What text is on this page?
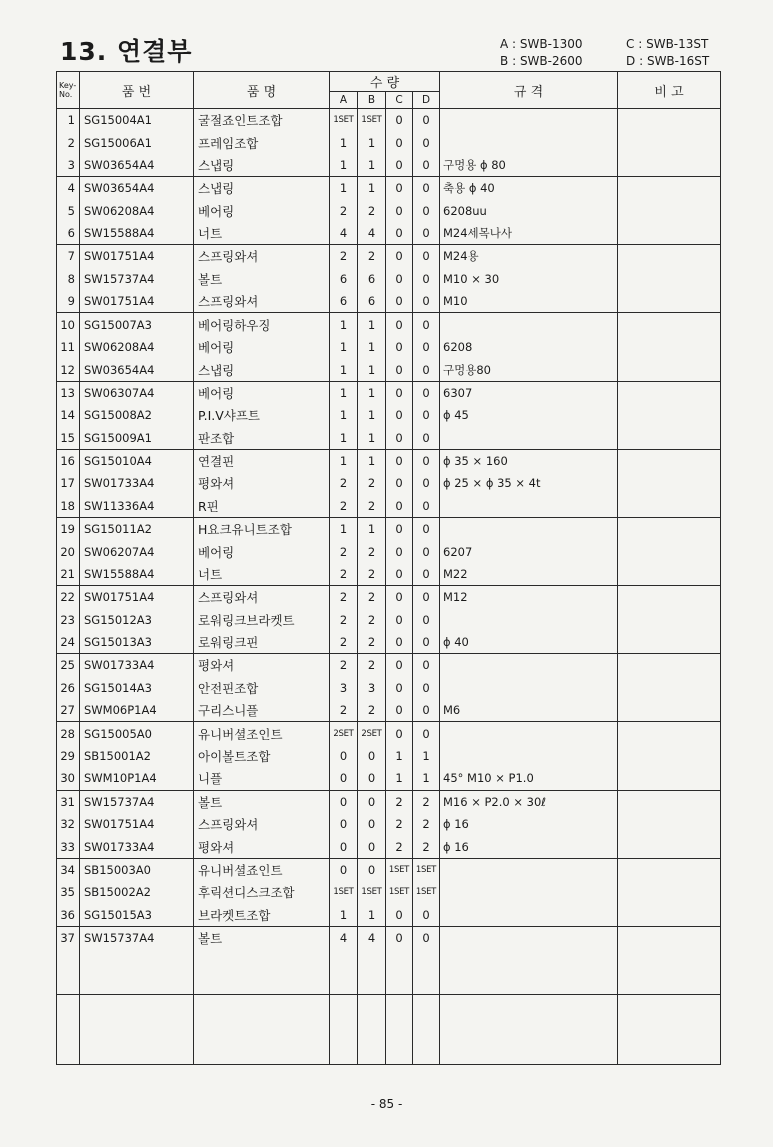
13. 연결부	A : SWB-1300	C : SWB-13ST
B : SWB-2600	D : SWB-16ST
Key-
No.	품 번	품 명	수 량				규 격	비 고
			A	B	C	D		
1	SG15004A1	굴절죠인트조합	1SET	1SET	0	0		
2	SG15006A1	프레임조합	1	1	0	0		
3	SW03654A4	스냅링	1	1	0	0	구멍용 ϕ 80	
4	SW03654A4	스냅링	1	1	0	0	축용 ϕ 40	
5	SW06208A4	베어링	2	2	0	0	6208uu	
6	SW15588A4	너트	4	4	0	0	M24세목나사	
7	SW01751A4	스프링와셔	2	2	0	0	M24용	
8	SW15737A4	볼트	6	6	0	0	M10 × 30	
9	SW01751A4	스프링와셔	6	6	0	0	M10	
10	SG15007A3	베어링하우징	1	1	0	0		
11	SW06208A4	베어링	1	1	0	0	6208	
12	SW03654A4	스냅링	1	1	0	0	구멍용80	
13	SW06307A4	베어링	1	1	0	0	6307	
14	SG15008A2	P.I.V샤프트	1	1	0	0	ϕ 45	
15	SG15009A1	판조합	1	1	0	0		
16	SG15010A4	연결핀	1	1	0	0	ϕ 35 × 160	
17	SW01733A4	평와셔	2	2	0	0	ϕ 25 × ϕ 35 × 4t	
18	SW11336A4	R핀	2	2	0	0		
19	SG15011A2	H요크유니트조합	1	1	0	0		
20	SW06207A4	베어링	2	2	0	0	6207	
21	SW15588A4	너트	2	2	0	0	M22	
22	SW01751A4	스프링와셔	2	2	0	0	M12	
23	SG15012A3	로워링크브라켓트	2	2	0	0		
24	SG15013A3	로워링크핀	2	2	0	0	ϕ 40	
25	SW01733A4	평와셔	2	2	0	0		
26	SG15014A3	안전핀조합	3	3	0	0		
27	SWM06P1A4	구리스니플	2	2	0	0	M6	
28	SG15005A0	유니버셜조인트	2SET	2SET	0	0		
29	SB15001A2	아이볼트조합	0	0	1	1		
30	SWM10P1A4	니플	0	0	1	1	45° M10 × P1.0	
31	SW15737A4	볼트	0	0	2	2	M16 × P2.0 × 30ℓ	
32	SW01751A4	스프링와셔	0	0	2	2	ϕ 16	
33	SW01733A4	평와셔	0	0	2	2	ϕ 16	
34	SB15003A0	유니버셜죠인트	0	0	1SET	1SET		
35	SB15002A2	후릭션디스크조합	1SET	1SET	1SET	1SET		
36	SG15015A3	브라켓트조합	1	1	0	0		
37	SW15737A4	볼트	4	4	0	0		

- 85 -
